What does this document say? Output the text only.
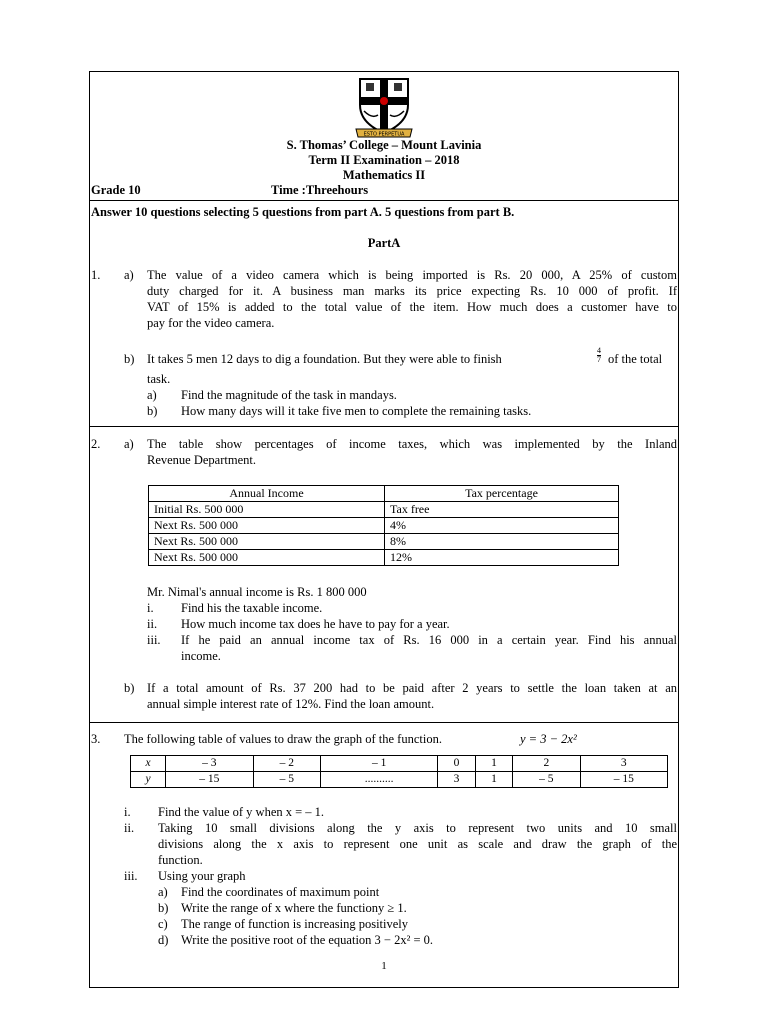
ESTO PERPETUA
S. Thomas’ College – Mount Lavinia
Term II Examination – 2018
Mathematics II
Grade 10	Time :Threehours
Answer 10 questions selecting 5 questions from part A. 5 questions from part B.
PartA
1. a) The value of a video camera which is being imported is Rs. 20 000, A 25% of custom
duty charged for it. A business man marks its price expecting Rs. 10 000 of profit. If
VAT of 15% is added to the total value of the item. How much does a customer have to
pay for the video camera.
b) It takes 5 men 12 days to dig a foundation. But they were able to finish	$\frac{4}{7}$ of the total
task.
a) Find the magnitude of the task in mandays.
b) How many days will it take five men to complete the remaining tasks.
2. a) The table show percentages of income taxes, which was implemented by the Inland
Revenue Department.
Annual Income	Tax percentage
Initial Rs. 500 000	Tax free
Next Rs. 500 000	4%
Next Rs. 500 000	8%
Next Rs. 500 000	12%
Mr. Nimal's annual income is Rs. 1 800 000
i. Find his the taxable income.
ii. How much income tax does he have to pay for a year.
iii. If he paid an annual income tax of Rs. 16 000 in a certain year. Find his annual
income.
b) If a total amount of Rs. 37 200 had to be paid after 2 years to settle the loan taken at an
annual simple interest rate of 12%. Find the loan amount.
3. The following table of values to draw the graph of the function.	y = 3 − 2x²
x	– 3	– 2	– 1	0	1	2	3
y	– 15	– 5	..........	3	1	– 5	– 15
i. Find the value of y when x = – 1.
ii. Taking 10 small divisions along the y axis to represent two units and 10 small
divisions along the x axis to represent one unit as scale and draw the graph of the
function.
iii. Using your graph
a) Find the coordinates of maximum point
b) Write the range of x where the functiony ≥ 1.
c) The range of function is increasing positively
d) Write the positive root of the equation 3 − 2x² = 0.
1
